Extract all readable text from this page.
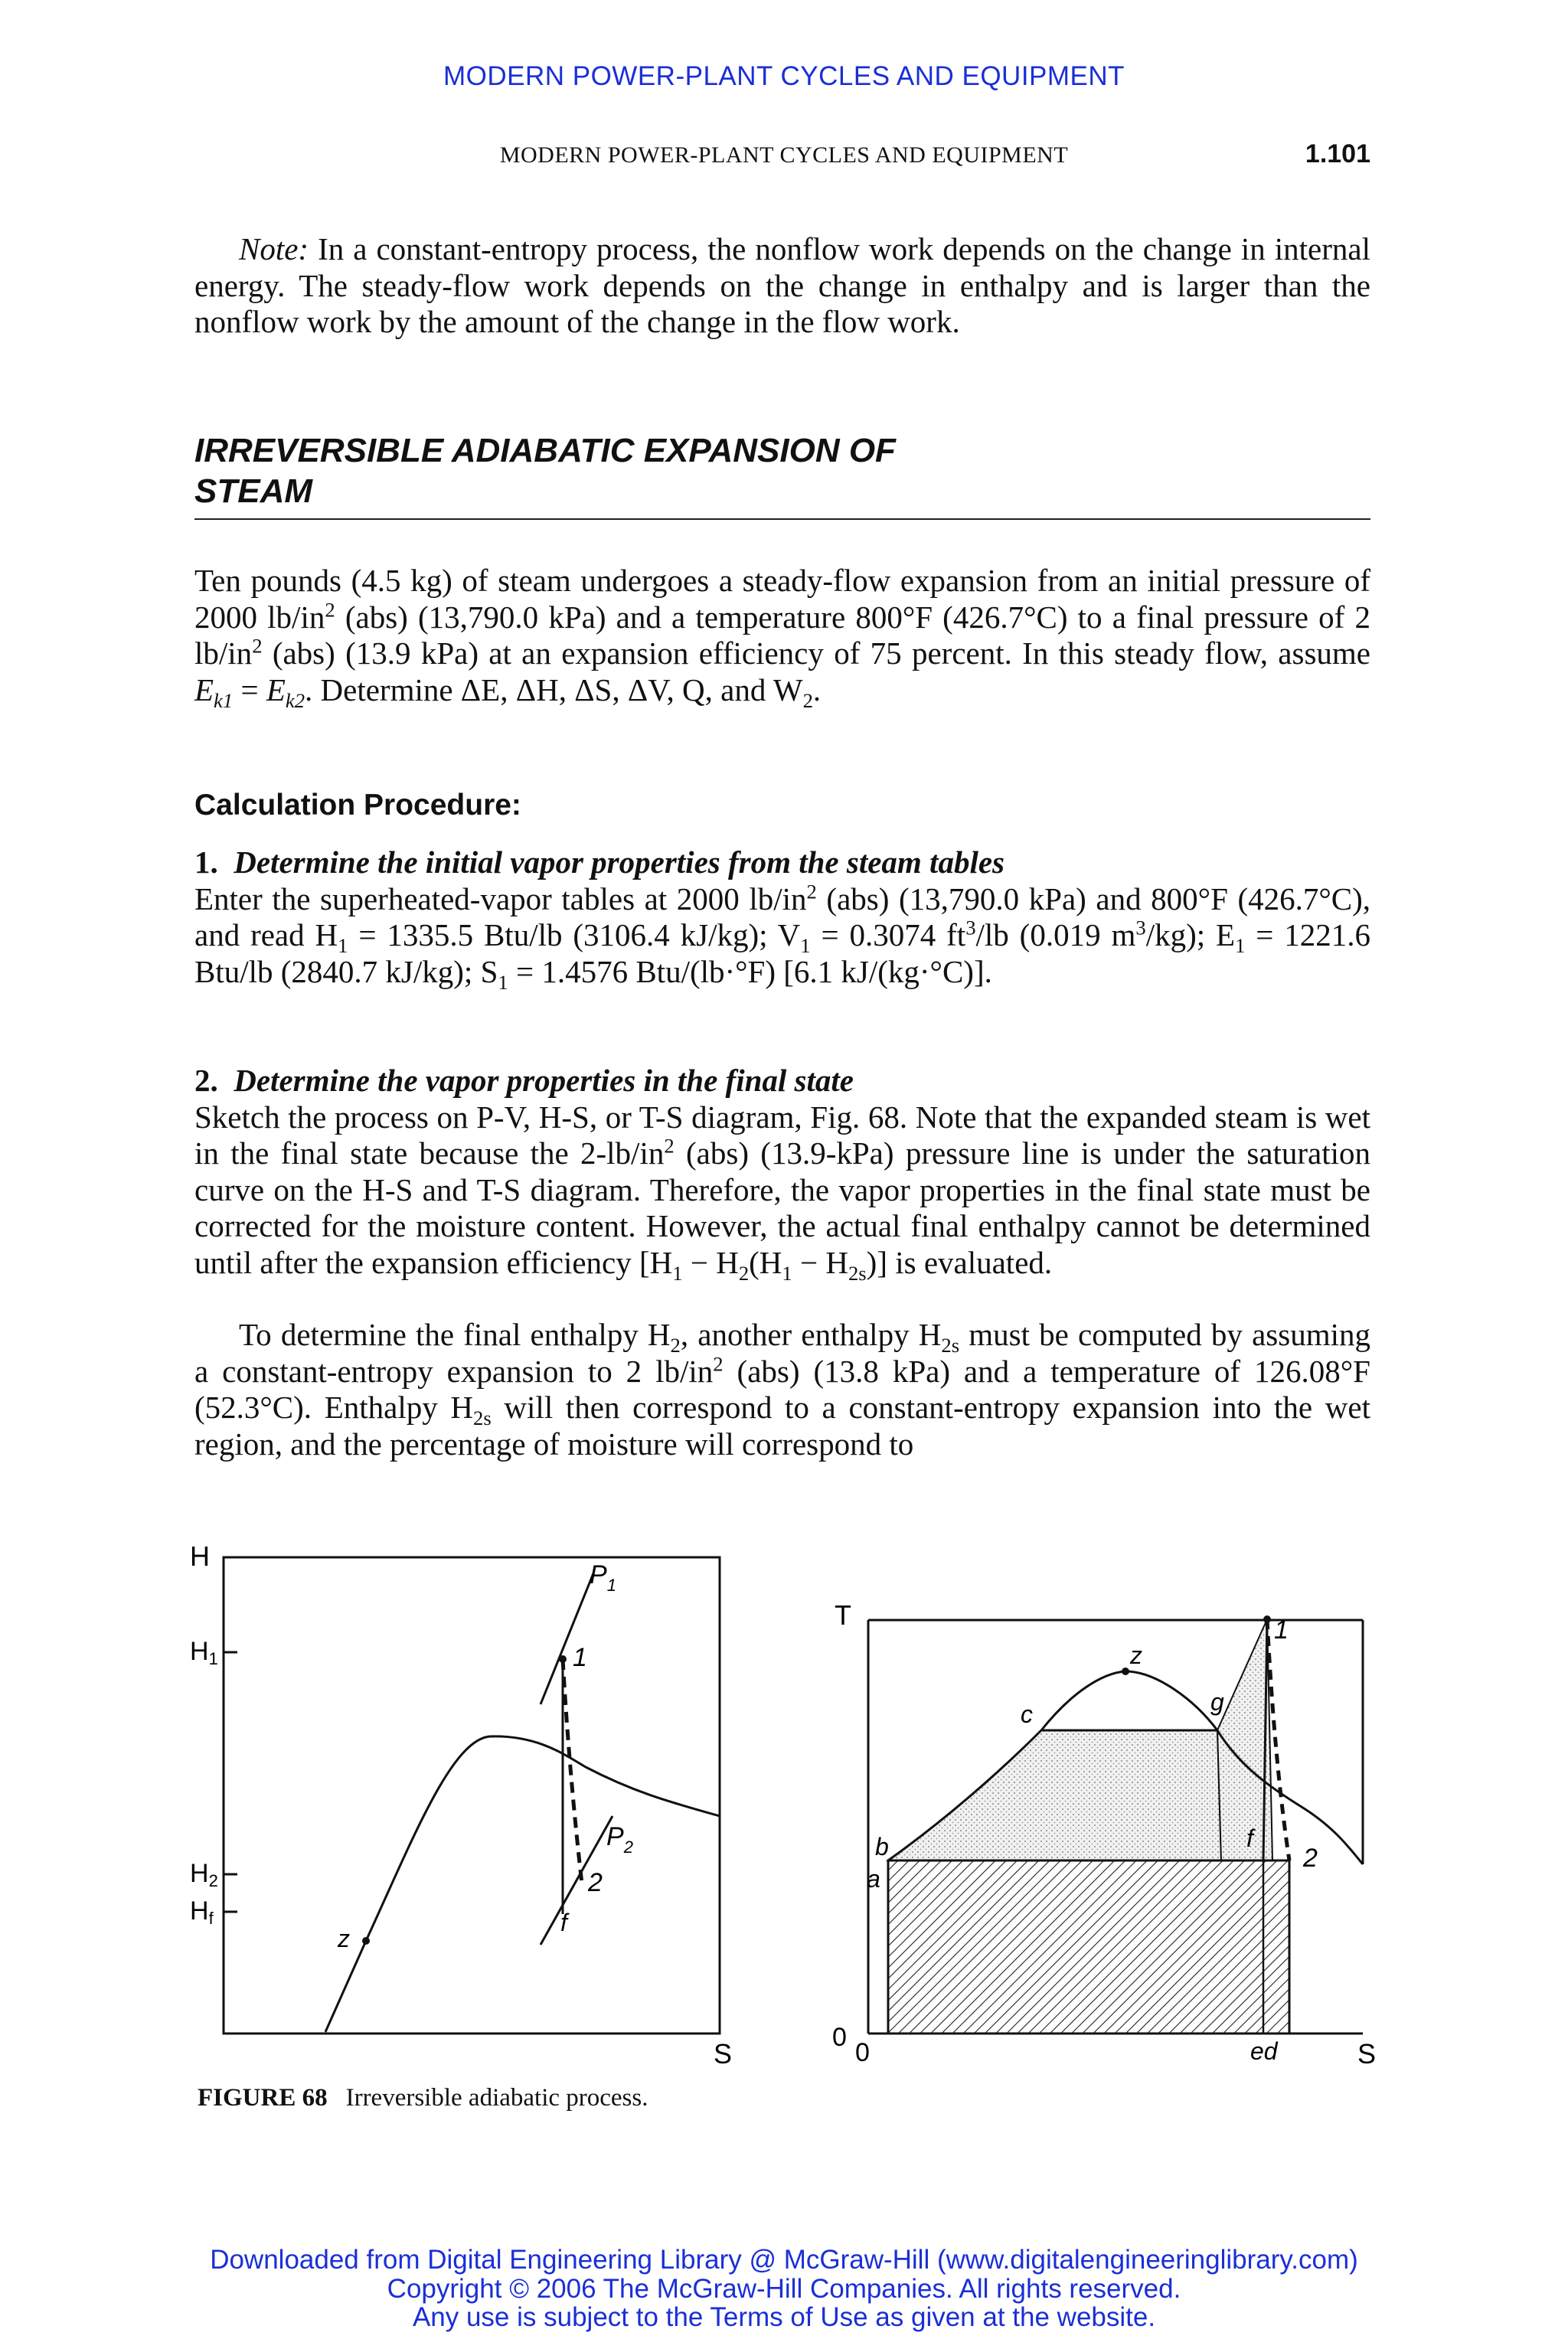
MODERN POWER-PLANT CYCLES AND EQUIPMENT
MODERN POWER-PLANT CYCLES AND EQUIPMENT	1.101
Note: In a constant-entropy process, the nonflow work depends on the change in internal energy. The steady-flow work depends on the change in enthalpy and is larger than the nonflow work by the amount of the change in the flow work.
IRREVERSIBLE ADIABATIC EXPANSION OF
STEAM
Ten pounds (4.5 kg) of steam undergoes a steady-flow expansion from an initial pressure of 2000 $lb/in^2$ (abs) (13,790.0 kPa) and a temperature 800°F (426.7°C) to a final pressure of 2 $lb/in^2$ (abs) (13.9 kPa) at an expansion efficiency of 75 percent. In this steady flow, assume $E_{k1} = E_{k2}$. Determine ΔE, ΔH, ΔS, ΔV, Q, and $W_2$.
Calculation Procedure:
1. Determine the initial vapor properties from the steam tables
Enter the superheated-vapor tables at 2000 $lb/in^2$ (abs) (13,790.0 kPa) and 800°F (426.7°C), and read $H_1 = 1335.5$ Btu/lb (3106.4 kJ/kg); $V_1 = 0.3074$ $ft^3/lb$ (0.019 $m^3/kg$); $E_1 = 1221.6$ Btu/lb (2840.7 kJ/kg); $S_1 = 1.4576$ Btu/(lb·°F) [6.1 kJ/(kg·°C)].
2. Determine the vapor properties in the final state
Sketch the process on P-V, H-S, or T-S diagram, Fig. 68. Note that the expanded steam is wet in the final state because the $2-lb/in^2$ (abs) (13.9-kPa) pressure line is under the saturation curve on the H-S and T-S diagram. Therefore, the vapor properties in the final state must be corrected for the moisture content. However, the actual final enthalpy cannot be determined until after the expansion efficiency $[H_1 - H_2(H_1 - H_{2s})]$ is evaluated.
To determine the final enthalpy $H_2$, another enthalpy $H_{2s}$ must be computed by assuming a constant-entropy expansion to 2 $lb/in^2$ (abs) (13.8 kPa) and a temperature of 126.08°F (52.3°C). Enthalpy $H_{2s}$ will then correspond to a constant-entropy expansion into the wet region, and the percentage of moisture will correspond to
H
S
H1
H2
Hf
z
$P_1$
$P_2$
1
2
f
T
S
0
0
a
b
c
z
g
1
f
2
ed
FIGURE 68 Irreversible adiabatic process.
Downloaded from Digital Engineering Library @ McGraw-Hill (www.digitalengineeringlibrary.com)
Copyright © 2006 The McGraw-Hill Companies. All rights reserved.
Any use is subject to the Terms of Use as given at the website.
